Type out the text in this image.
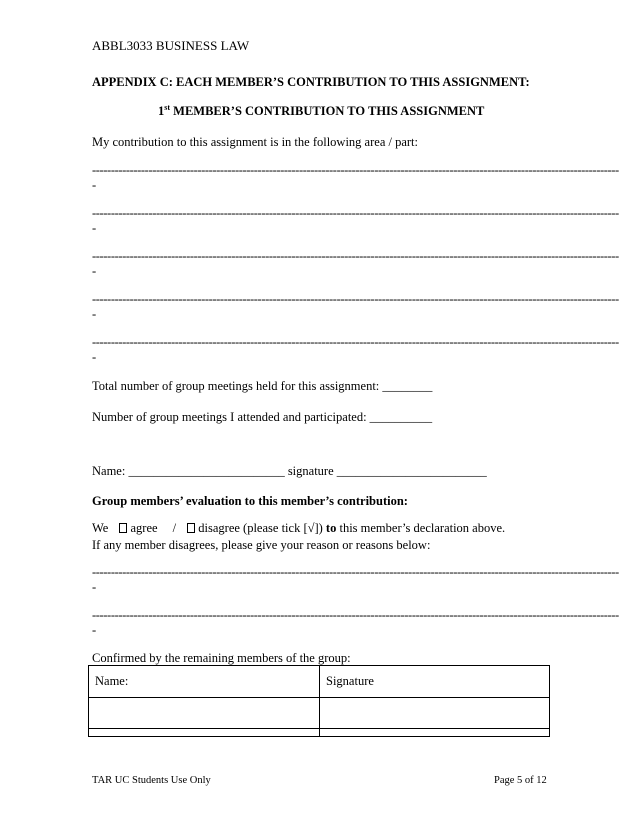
ABBL3033 BUSINESS LAW
APPENDIX C: EACH MEMBER’S CONTRIBUTION TO THIS ASSIGNMENT:
1st MEMBER’S CONTRIBUTION TO THIS ASSIGNMENT
My contribution to this assignment is in the following area / part:
--------------------------------------------------------------------------------------------------------------------------------------------
-
--------------------------------------------------------------------------------------------------------------------------------------------
-
--------------------------------------------------------------------------------------------------------------------------------------------
-
--------------------------------------------------------------------------------------------------------------------------------------------
-
--------------------------------------------------------------------------------------------------------------------------------------------
-
Total number of group meetings held for this assignment: ________
Number of group meetings I attended and participated: __________
Name: _________________________ signature ________________________
Group members’ evaluation to this member’s contribution:
We agree / disagree (please tick [√]) to this member’s declaration above.
If any member disagrees, please give your reason or reasons below:
--------------------------------------------------------------------------------------------------------------------------------------------
-
--------------------------------------------------------------------------------------------------------------------------------------------
-
Confirmed by the remaining members of the group:
Name:	Signature

TAR UC Students Use Only	Page 5 of 12
